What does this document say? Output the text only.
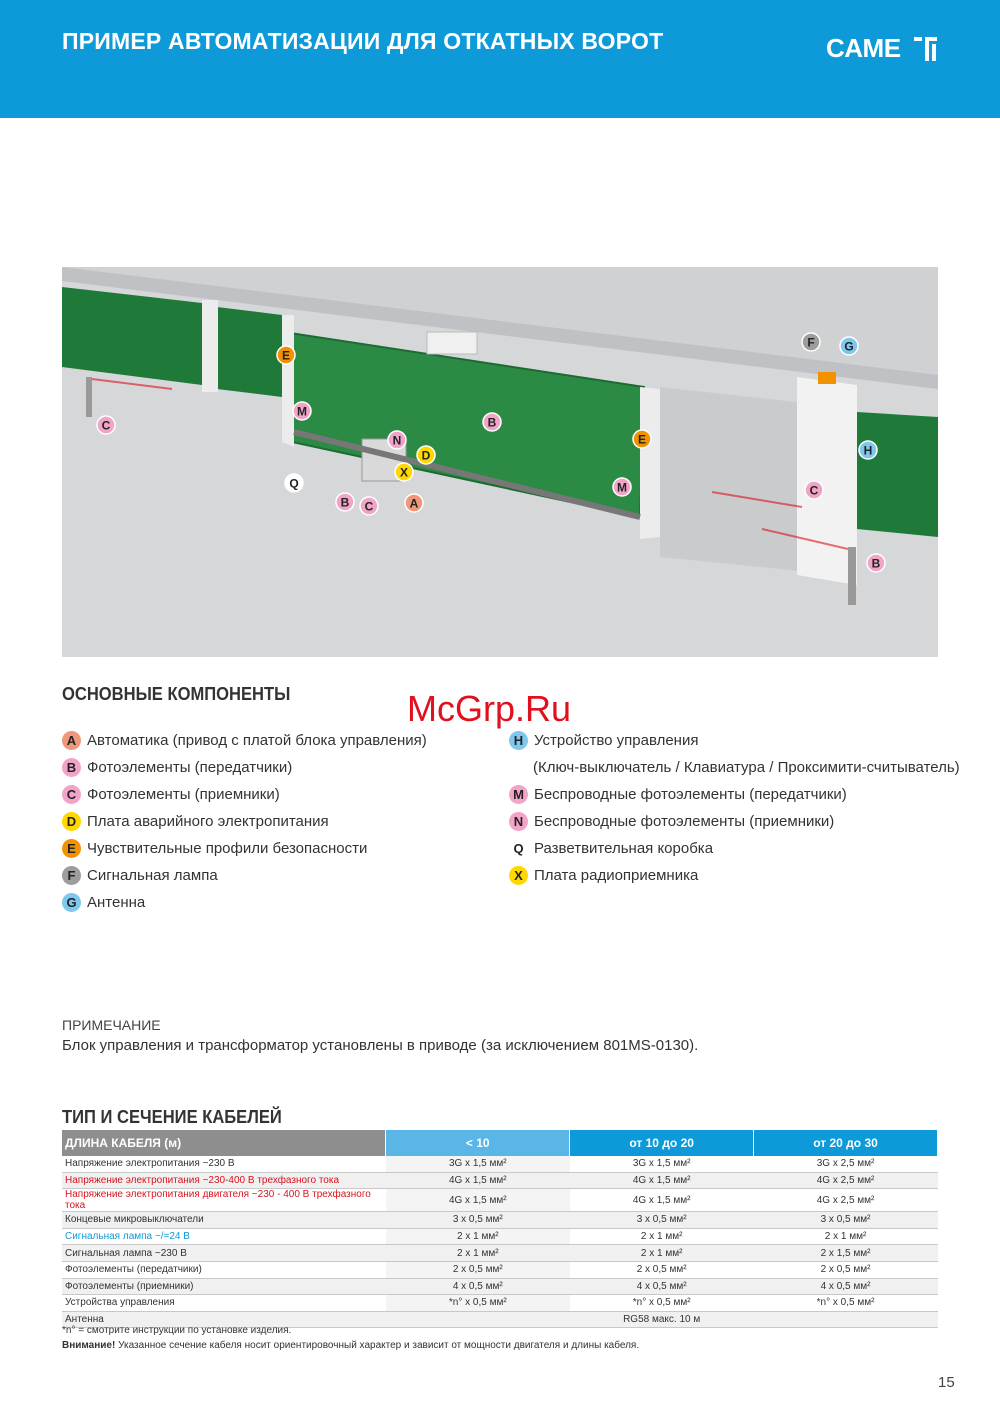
ПРИМЕР АВТОМАТИЗАЦИИ ДЛЯ ОТКАТНЫХ ВОРОТ	CAME
E
M
B
N
D
X
E
Q
B C	A
M	C
F G
H
C
B
McGrp.Ru
ОСНОВНЫЕ КОМПОНЕНТЫ
A Автоматика (привод с платой блока управления)
B Фотоэлементы (передатчики)
C Фотоэлементы (приемники)
D Плата аварийного электропитания
E Чувствительные профили безопасности
F Сигнальная лампа
G Антенна
H Устройство управления
(Ключ-выключатель / Клавиатура / Проксимити-считыватель)
M Беспроводные фотоэлементы (передатчики)
N Беспроводные фотоэлементы (приемники)
Q Разветвительная коробка
X Плата радиоприемника
ПРИМЕЧАНИЕ
Блок управления и трансформатор установлены в приводе (за исключением 801MS-0130).
ТИП И СЕЧЕНИЕ КАБЕЛЕЙ
ДЛИНА КАБЕЛЯ (м)	< 10	от 10 до 20	от 20 до 30
Напряжение электропитания ~230 В	3G x 1,5 мм²	3G x 1,5 мм²	3G x 2,5 мм²
Напряжение электропитания ~230-400 В трехфазного тока	4G x 1,5 мм²	4G x 1,5 мм²	4G x 2,5 мм²
Напряжение электропитания двигателя ~230 - 400 В трехфазного тока	4G x 1,5 мм²	4G x 1,5 мм²	4G x 2,5 мм²
Концевые микровыключатели	3 x 0,5 мм²	3 x 0,5 мм²	3 x 0,5 мм²
Сигнальная лампа ~/=24 В	2 x 1 мм²	2 x 1 мм²	2 x 1 мм²
Сигнальная лампа ~230 В	2 x 1 мм²	2 x 1 мм²	2 x 1,5 мм²
Фотоэлементы (передатчики)	2 x 0,5 мм²	2 x 0,5 мм²	2 x 0,5 мм²
Фотоэлементы (приемники)	4 x 0,5 мм²	4 x 0,5 мм²	4 x 0,5 мм²
Устройства управления	*n° x 0,5 мм²	*n° x 0,5 мм²	*n° x 0,5 мм²
Антенна	RG58 макс. 10 м		
*n° = смотрите инструкции по установке изделия.
Внимание! Указанное сечение кабеля носит ориентировочный характер и зависит от мощности двигателя и длины кабеля.
15
